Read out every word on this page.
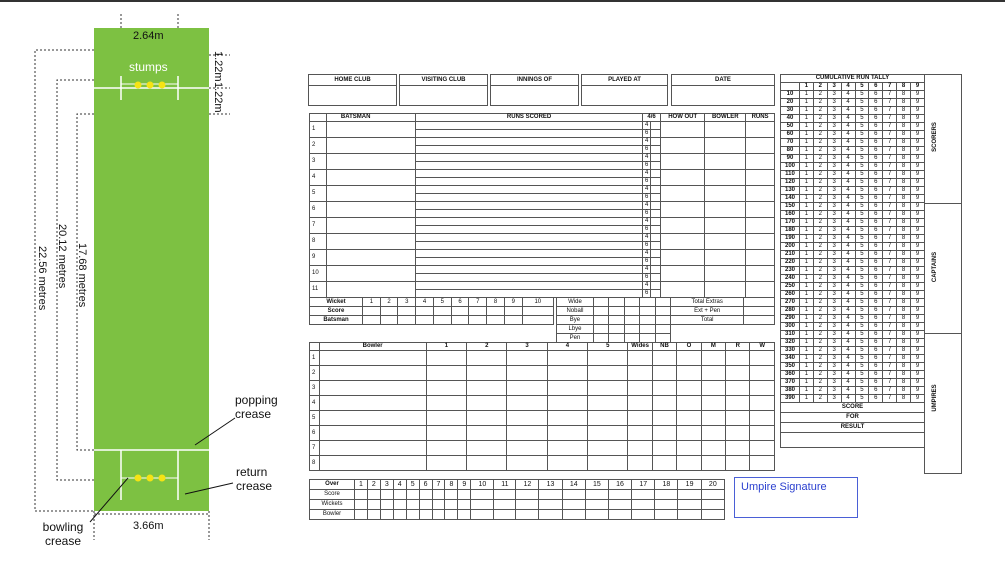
2.64m
stumps	1.22m
1.22m
17.68 metres
20.12 metres
22.56 metres
popping crease
return crease
bowling crease
3.66m
HOME CLUB	VISITING CLUB	INNINGS OF	PLAYED AT	DATE
	BATSMAN	RUNS SCORED	4/6		HOW OUT	BOWLER	RUNS
1			4				
			6				
2			4				
			6				
3			4				
			6				
4			4				
			6				
5			4				
			6				
6			4				
			6				
7			4				
			6				
8			4				
			6				
9			4				
			6				
10			4				
			6				
11			4				
			6				
Wicket	1	2	3	4	5	6	7	8	9	10
Score										
Batsman										
Wide						Total Extras	
Noball						Ext + Pen	
Bye						Total	
Lbye							
Pen							
	Bowler	1	2	3	4	5	Wides	NB	O	M	R	W
1												
2												
3												
4												
5												
6												
7												
8												
Over	1	2	3	4	5	6	7	8	9	10	11	12	13	14	15	16	17	18	19	20
Score																				
Wickets																				
Bowler																				
Umpire Signature
CUMULATIVE RUN TALLY									
	1	2	3	4	5	6	7	8	9
10	1	2	3	4	5	6	7	8	9
20	1	2	3	4	5	6	7	8	9
30	1	2	3	4	5	6	7	8	9
40	1	2	3	4	5	6	7	8	9
50	1	2	3	4	5	6	7	8	9
60	1	2	3	4	5	6	7	8	9
70	1	2	3	4	5	6	7	8	9
80	1	2	3	4	5	6	7	8	9
90	1	2	3	4	5	6	7	8	9
100	1	2	3	4	5	6	7	8	9
110	1	2	3	4	5	6	7	8	9
120	1	2	3	4	5	6	7	8	9
130	1	2	3	4	5	6	7	8	9
140	1	2	3	4	5	6	7	8	9
150	1	2	3	4	5	6	7	8	9
160	1	2	3	4	5	6	7	8	9
170	1	2	3	4	5	6	7	8	9
180	1	2	3	4	5	6	7	8	9
190	1	2	3	4	5	6	7	8	9
200	1	2	3	4	5	6	7	8	9
210	1	2	3	4	5	6	7	8	9
220	1	2	3	4	5	6	7	8	9
230	1	2	3	4	5	6	7	8	9
240	1	2	3	4	5	6	7	8	9
250	1	2	3	4	5	6	7	8	9
260	1	2	3	4	5	6	7	8	9
270	1	2	3	4	5	6	7	8	9
280	1	2	3	4	5	6	7	8	9
290	1	2	3	4	5	6	7	8	9
300	1	2	3	4	5	6	7	8	9
310	1	2	3	4	5	6	7	8	9
320	1	2	3	4	5	6	7	8	9
330	1	2	3	4	5	6	7	8	9
340	1	2	3	4	5	6	7	8	9
350	1	2	3	4	5	6	7	8	9
360	1	2	3	4	5	6	7	8	9
370	1	2	3	4	5	6	7	8	9
380	1	2	3	4	5	6	7	8	9
390	1	2	3	4	5	6	7	8	9
SCORE									
FOR									
RESULT									

SCORERS
CAPTAINS
UMPIRES
